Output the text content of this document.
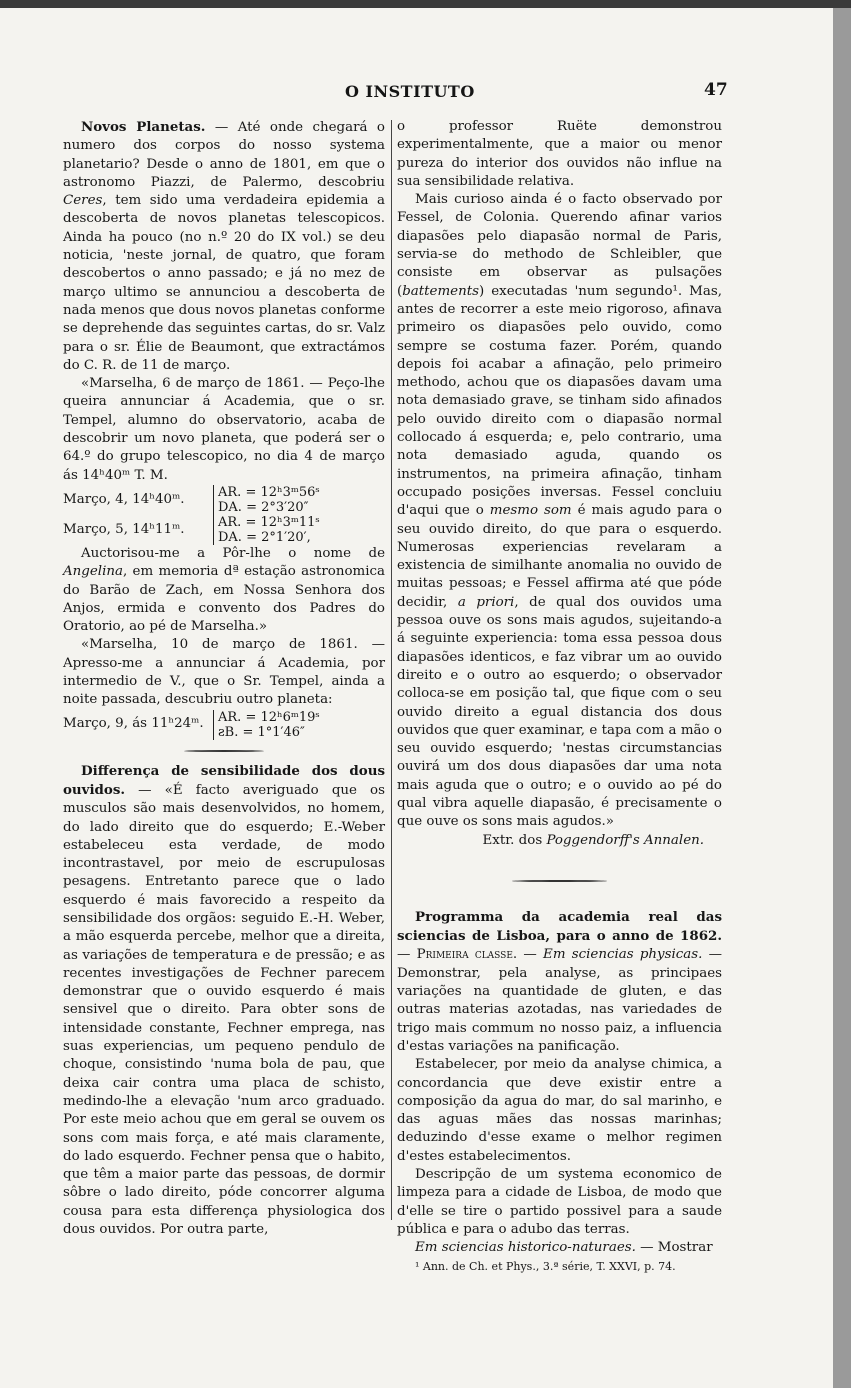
O INSTITUTO	47

Novos Planetas. — Até onde chegará o numero dos corpos do nosso systema planetario? Desde o anno de 1801, em que o astronomo Piazzi, de Palermo, descobriu Ceres, tem sido uma verdadeira epidemia a descoberta de novos planetas telescopicos. Ainda ha pouco (no n.º 20 do IX vol.) se deu noticia, 'neste jornal, de quatro, que foram descobertos o anno passado; e já no mez de março ultimo se annunciou a descoberta de nada menos que dous novos planetas conforme se deprehende das seguintes cartas, do sr. Valz para o sr. Élie de Beaumont, que extractámos do C. R. de 11 de março.

«Marselha, 6 de março de 1861. — Peço-lhe queira annunciar á Academia, que o sr. Tempel, alumno do observatorio, acaba de descobrir um novo planeta, que poderá ser o 64.º do grupo telescopico, no dia 4 de março ás 14ʰ40ᵐ T. M.

Março, 4, 14ʰ40ᵐ.	AR. = 12ʰ3ᵐ56ˢ
DA. = 2°3′20″
Março, 5, 14ʰ11ᵐ.	AR. = 12ʰ3ᵐ11ˢ
DA. = 2°1′20′,

Auctorisou-me a Pôr-lhe o nome de Angelina, em memoria dª estação astronomica do Barão de Zach, em Nossa Senhora dos Anjos, ermida e convento dos Padres do Oratorio, ao pé de Marselha.»

«Marselha, 10 de março de 1861. — Apresso-me a annunciar á Academia, por intermedio de V., que o Sr. Tempel, ainda a noite passada, descubriu outro planeta:

Março, 9, ás 11ʰ24ᵐ.	AR. = 12ʰ6ᵐ19ˢ
ƨB. = 1°1′46″

Differença de sensibilidade dos dous ouvidos. — «É facto averiguado que os musculos são mais desenvolvidos, no homem, do lado direito que do esquerdo; E.-Weber estabeleceu esta verdade, de modo incontrastavel, por meio de escrupulosas pesagens. Entretanto parece que o lado esquerdo é mais favorecido a respeito da sensibilidade dos orgãos: seguido E.-H. Weber, a mão esquerda percebe, melhor que a direita, as variações de temperatura e de pressão; e as recentes investigações de Fechner parecem demonstrar que o ouvido esquerdo é mais sensivel que o direito. Para obter sons de intensidade constante, Fechner emprega, nas suas experiencias, um pequeno pendulo de choque, consistindo 'numa bola de pau, que deixa cair contra uma placa de schisto, medindo-lhe a elevação 'num arco graduado. Por este meio achou que em geral se ouvem os sons com mais força, e até mais claramente, do lado esquerdo. Fechner pensa que o habito, que têm a maior parte das pessoas, de dormir sôbre o lado direito, póde concorrer alguma cousa para esta differença physiologica dos dous ouvidos. Por outra parte,

o professor Ruëte demonstrou experimentalmente, que a maior ou menor pureza do interior dos ouvidos não influe na sua sensibilidade relativa.

Mais curioso ainda é o facto observado por Fessel, de Colonia. Querendo afinar varios diapasões pelo diapasão normal de Paris, servia-se do methodo de Schleibler, que consiste em observar as pulsações (battements) executadas 'num segundo¹. Mas, antes de recorrer a este meio rigoroso, afinava primeiro os diapasões pelo ouvido, como sempre se costuma fazer. Porém, quando depois foi acabar a afinação, pelo primeiro methodo, achou que os diapasões davam uma nota demasiado grave, se tinham sido afinados pelo ouvido direito com o diapasão normal collocado á esquerda; e, pelo contrario, uma nota demasiado aguda, quando os instrumentos, na primeira afinação, tinham occupado posições inversas. Fessel concluiu d'aqui que o mesmo som é mais agudo para o seu ouvido direito, do que para o esquerdo. Numerosas experiencias revelaram a existencia de similhante anomalia no ouvido de muitas pessoas; e Fessel affirma até que póde decidir, a priori, de qual dos ouvidos uma pessoa ouve os sons mais agudos, sujeitando-a á seguinte experiencia: toma essa pessoa dous diapasões identicos, e faz vibrar um ao ouvido direito e o outro ao esquerdo; o observador colloca-se em posição tal, que fique com o seu ouvido direito a egual distancia dos dous ouvidos que quer examinar, e tapa com a mão o seu ouvido esquerdo; 'nestas circumstancias ouvirá um dos dous diapasões dar uma nota mais aguda que o outro; e o ouvido ao pé do qual vibra aquelle diapasão, é precisamente o que ouve os sons mais agudos.»

Extr. dos Poggendorff's Annalen.

Programma da academia real das sciencias de Lisboa, para o anno de 1862. — Primeira classe. — Em sciencias physicas. — Demonstrar, pela analyse, as principaes variações na quantidade de gluten, e das outras materias azotadas, nas variedades de trigo mais commum no nosso paiz, a influencia d'estas variações na panificação.

Estabelecer, por meio da analyse chimica, a concordancia que deve existir entre a composição da agua do mar, do sal marinho, e das aguas mães das nossas marinhas; deduzindo d'esse exame o melhor regimen d'estes estabelecimentos.

Descripção de um systema economico de limpeza para a cidade de Lisboa, de modo que d'elle se tire o partido possivel para a saude pública e para o adubo das terras.

Em sciencias historico-naturaes. — Mostrar

¹ Ann. de Ch. et Phys., 3.ª série, T. XXVI, p. 74.
